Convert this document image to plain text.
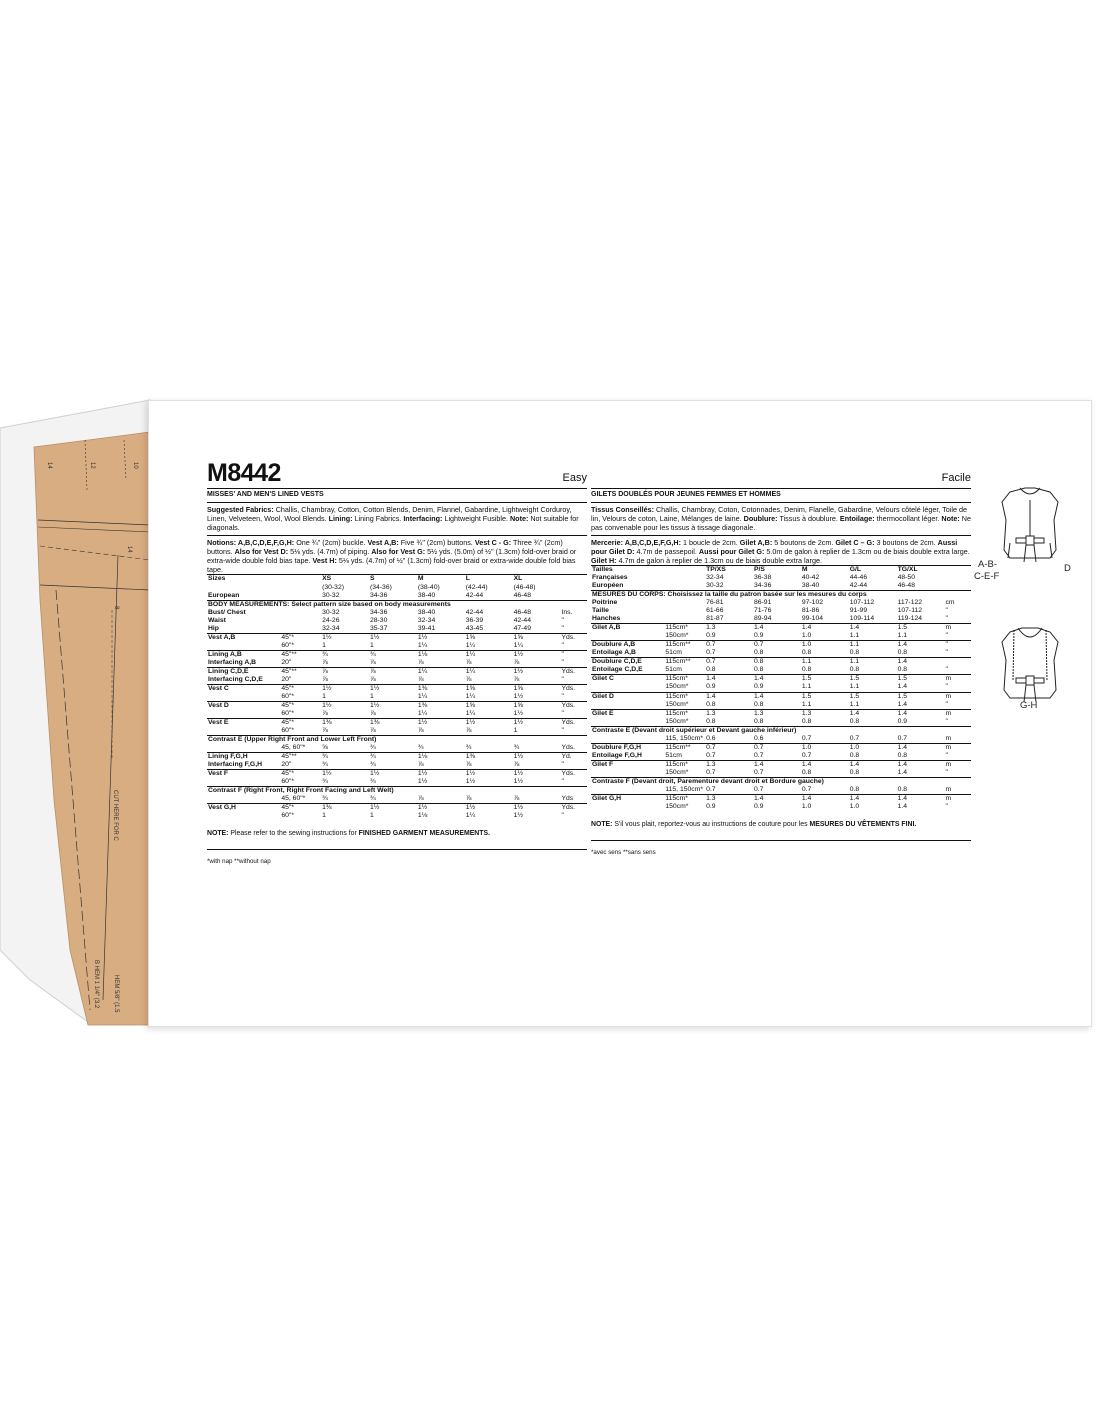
14	12	10
14
8
CUT HERE FOR C
B HEM 1 1/4" (3.2 HEM 5/8" (1.5
M8442	Easy
MISSES' AND MEN'S LINED VESTS
Suggested Fabrics: Challis, Chambray, Cotton, Cotton Blends, Denim, Flannel, Gabardine, Lightweight Corduroy, Linen, Velveteen, Wool, Wool Blends. Lining: Lining Fabrics. Interfacing: Lightweight Fusible. Note: Not suitable for diagonals.
Notions: A,B,C,D,E,F,G,H: One ¾" (2cm) buckle. Vest A,B: Five ¾" (2cm) buttons. Vest C - G: Three ¾" (2cm) buttons. Also for Vest D: 5⅛ yds. (4.7m) of piping. Also for Vest G: 5½ yds. (5.0m) of ½" (1.3cm) fold-over braid or extra-wide double fold bias tape. Vest H: 5⅛ yds. (4.7m) of ½" (1.3cm) fold-over braid or extra-wide double fold bias tape.
Sizes		XS	S	M	L	XL	
		(30-32)	(34-36)	(38-40)	(42-44)	(46-48)	
European		30-32	34-36	38-40	42-44	46-48	
BODY MEASUREMENTS: Select pattern size based on body measurements							
Bust/ Chest		30-32	34-36	38-40	42-44	46-48	Ins.
Waist		24-26	28-30	32-34	36-39	42-44	"
Hip		32-34	35-37	39-41	43-45	47-49	"
Vest A,B	45"*	1½	1½	1½	1⅝	1⅝	Yds.
	60"*	1	1	1¼	1¼	1¼	"
Lining A,B	45"**	¾	¾	1⅛	1¼	1½	"
Interfacing A,B	20"	⅞	⅞	⅞	⅞	⅞	"
Lining C,D,E	45"**	⅞	⅞	1¼	1¼	1½	Yds.
Interfacing C,D,E	20"	⅞	⅞	⅞	⅞	⅞	"
Vest C	45"*	1½	1½	1⅜	1⅝	1⅝	Yds.
	60"*	1	1	1¼	1¼	1½	"
Vest D	45"*	1½	1½	1⅜	1⅝	1⅝	Yds.
	60"*	⅞	⅞	1¼	1¼	1½	"
Vest E	45"*	1⅜	1⅜	1½	1½	1½	Yds.
	60"*	⅞	⅞	⅞	⅞	1	"
Contrast E (Upper Right Front and Lower Left Front)							
	45, 60"*	⅝	¾	¾	¾	¾	Yds.
Lining F,G,H	45"**	¾	¾	1⅛	1⅜	1½	Yd.
Interfacing F,G,H	20"	¾	¾	⅞	⅞	⅞	"
Vest F	45"*	1½	1½	1½	1½	1½	Yds.
	60"*	¾	¾	1½	1½	1½	"
Contrast F (Right Front, Right Front Facing and Left Welt)							
	45, 60"*	¾	¾	⅞	⅞	⅞	Yds
Vest G,H	45"*	1⅜	1½	1½	1½	1½	Yds.
	60"*	1	1	1⅛	1¼	1½	"
NOTE: Please refer to the sewing instructions for FINISHED GARMENT MEASUREMENTS.
*with nap **without nap
Facile
GILETS DOUBLÉS POUR JEUNES FEMMES ET HOMMES
Tissus Conseillés: Challis, Chambray, Coton, Cotonnades, Denim, Flanelle, Gabardine, Velours côtelé léger, Toile de lin, Velours de coton, Laine, Mélanges de laine. Doublure: Tissus à doublure. Entoilage: thermocollant léger. Note: Ne pas convenable pour les tissus à tissage diagonale.
Mercerie: A,B,C,D,E,F,G,H: 1 boucle de 2cm. Gilet A,B: 5 boutons de 2cm. Gilet C – G: 3 boutons de 2cm. Aussi pour Gilet D: 4.7m de passepoil. Aussi pour Gilet G: 5.0m de galon à replier de 1.3cm ou de biais double extra large. Gilet H: 4.7m de galon à replier de 1.3cm ou de biais double extra large.
Tailles		TP/XS	P/S	M	G/L	TG/XL	
Françaises		32-34	36-38	40-42	44-46	48-50	
Européen		30-32	34-36	38-40	42-44	46-48	
MESURES DU CORPS: Choisissez la taille du patron basée sur les mesures du corps							
Poitrine		76-81	86-91	97-102	107-112	117-122	cm
Taille		61-66	71-76	81-86	91-99	107-112	"
Hanches		81-87	89-94	99-104	109-114	119-124	"
Gilet A,B	115cm*	1.3	1.4	1.4	1.4	1.5	m
	150cm*	0.9	0.9	1.0	1.1	1.1	"
Doublure A,B	115cm**	0.7	0.7	1.0	1.1	1.4	"
Entoilage A,B	51cm	0.7	0.8	0.8	0.8	0.8	"
Doublure C,D,E	115cm**	0.7	0.8	1.1	1.1	1.4	
Entoilage C,D,E	51cm	0.8	0.8	0.8	0.8	0.8	"
Gilet C	115cm*	1.4	1.4	1.5	1.5	1.5	m
	150cm*	0.9	0.9	1.1	1.1	1.4	"
Gilet D	115cm*	1.4	1.4	1.5	1.5	1.5	m
	150cm*	0.8	0.8	1.1	1.1	1.4	"
Gilet E	115cm*	1.3	1.3	1.3	1.4	1.4	m
	150cm*	0.8	0.8	0.8	0.8	0.9	"
Contraste E (Devant droit supérieur et Devant gauche inférieur)							
	115, 150cm*	0.6	0.6	0.7	0.7	0.7	m
Doublure F,G,H	115cm**	0.7	0.7	1.0	1.0	1.4	m
Entoilage F,G,H	51cm	0.7	0.7	0.7	0.8	0.8	"
Gilet F	115cm*	1.3	1.4	1.4	1.4	1.4	m
	150cm*	0.7	0.7	0.8	0.8	1.4	"
Contraste F (Devant droit, Parementure devant droit et Bordure gauche)							
	115, 150cm*	0.7	0.7	0.7	0.8	0.8	m
Gilet G,H	115cm*	1.3	1.4	1.4	1.4	1.4	m
	150cm*	0.9	0.9	1.0	1.0	1.4	"
NOTE: S'il vous plait, reportez-vous au instructions de couture pour les MESURES DU VÊTEMENTS FINI.
*avec sens **sans sens
A-B-
C-E-F
D
G-H
